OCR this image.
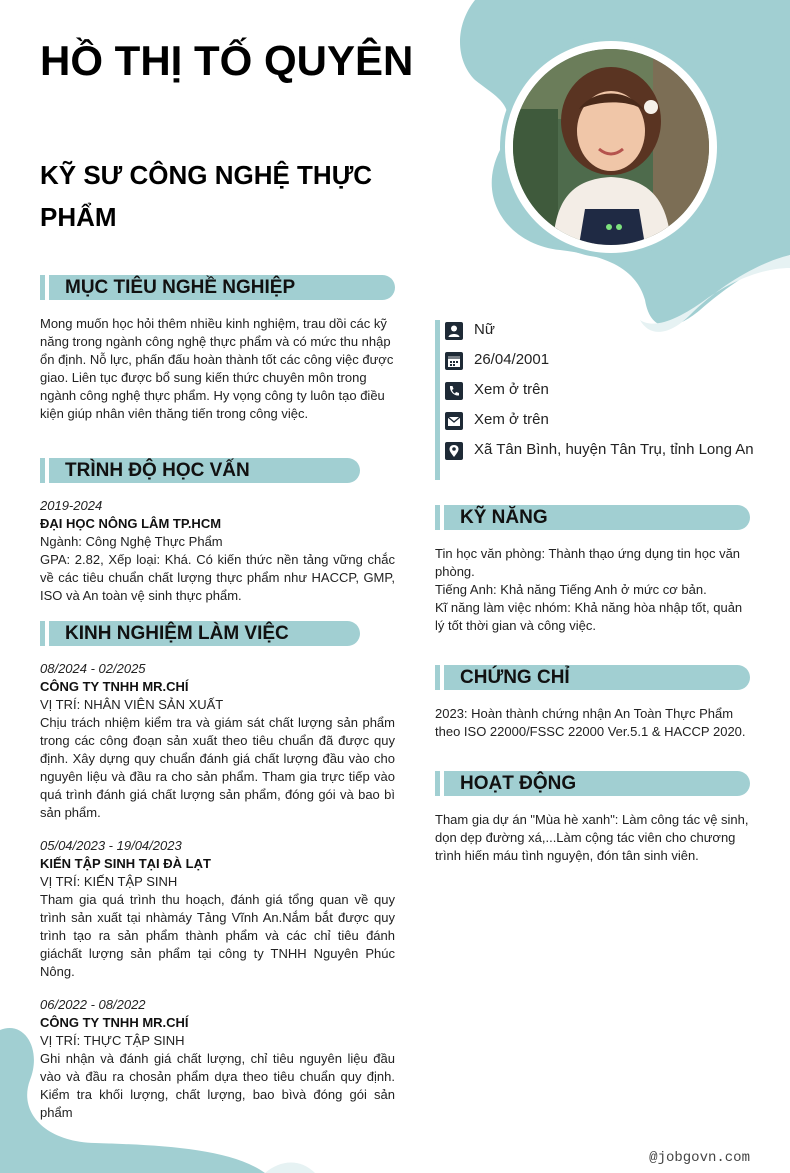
HỒ THỊ TỐ QUYÊN
KỸ SƯ CÔNG NGHỆ THỰC PHẨM
MỤC TIÊU NGHỀ NGHIỆP
Mong muốn học hỏi thêm nhiều kinh nghiệm, trau dồi các kỹ năng trong ngành công nghệ thực phẩm và có mức thu nhập ổn định. Nỗ lực, phấn đấu hoàn thành tốt các công việc được giao. Liên tục được bổ sung kiến thức chuyên môn trong ngành công nghệ thực phẩm. Hy vọng công ty luôn tạo điều kiện giúp nhân viên thăng tiến trong công việc.
TRÌNH ĐỘ HỌC VẤN
2019-2024
ĐẠI HỌC NÔNG LÂM TP.HCM
Ngành: Công Nghệ Thực Phẩm
GPA: 2.82, Xếp loại: Khá. Có kiến thức nền tảng vững chắc về các tiêu chuẩn chất lượng thực phẩm như HACCP, GMP, ISO và An toàn vệ sinh thực phẩm.
KINH NGHIỆM LÀM VIỆC
08/2024 - 02/2025
CÔNG TY TNHH MR.CHÍ
VỊ TRÍ: NHÂN VIÊN SẢN XUẤT
Chịu trách nhiệm kiểm tra và giám sát chất lượng sản phẩm trong các công đoạn sản xuất theo tiêu chuẩn đã được quy định. Xây dựng quy chuẩn đánh giá chất lượng đầu vào cho nguyên liệu và đầu ra cho sản phẩm. Tham gia trực tiếp vào quá trình đánh giá chất lượng sản phẩm, đóng gói và bao bì sản phẩm.
05/04/2023 - 19/04/2023
KIẾN TẬP SINH TẠI ĐÀ LẠT
VỊ TRÍ: KIẾN TẬP SINH
Tham gia quá trình thu hoạch, đánh giá tổng quan về quy trình sản xuất tại nhàmáy Tảng Vĩnh An.Nắm bắt được quy trình tạo ra sản phẩm thành phẩm và các chỉ tiêu đánh giáchất lượng sản phẩm tại công ty TNHH Nguyên Phúc Nông.
06/2022 - 08/2022
CÔNG TY TNHH MR.CHÍ
VỊ TRÍ: THỰC TẬP SINH
Ghi nhận và đánh giá chất lượng, chỉ tiêu nguyên liệu đầu vào và đầu ra chosản phẩm dựa theo tiêu chuẩn quy định. Kiểm tra khối lượng, chất lượng, bao bìvà đóng gói sản phẩm
Nữ
26/04/2001
Xem ở trên
Xem ở trên
Xã Tân Bình, huyện Tân Trụ, tỉnh Long An
KỸ NĂNG
Tin học văn phòng: Thành thạo ứng dụng tin học văn phòng.
Tiếng Anh: Khả năng Tiếng Anh ở mức cơ bản.
Kĩ năng làm việc nhóm: Khả năng hòa nhập tốt, quản lý tốt thời gian và công việc.
CHỨNG CHỈ
2023: Hoàn thành chứng nhận An Toàn Thực Phẩm theo ISO 22000/FSSC 22000 Ver.5.1 & HACCP 2020.
HOẠT ĐỘNG
Tham gia dự án "Mùa hè xanh": Làm công tác vệ sinh, dọn dẹp đường xá,...Làm cộng tác viên cho chương trình hiến máu tình nguyện, đón tân sinh viên.
@jobgovn.com
